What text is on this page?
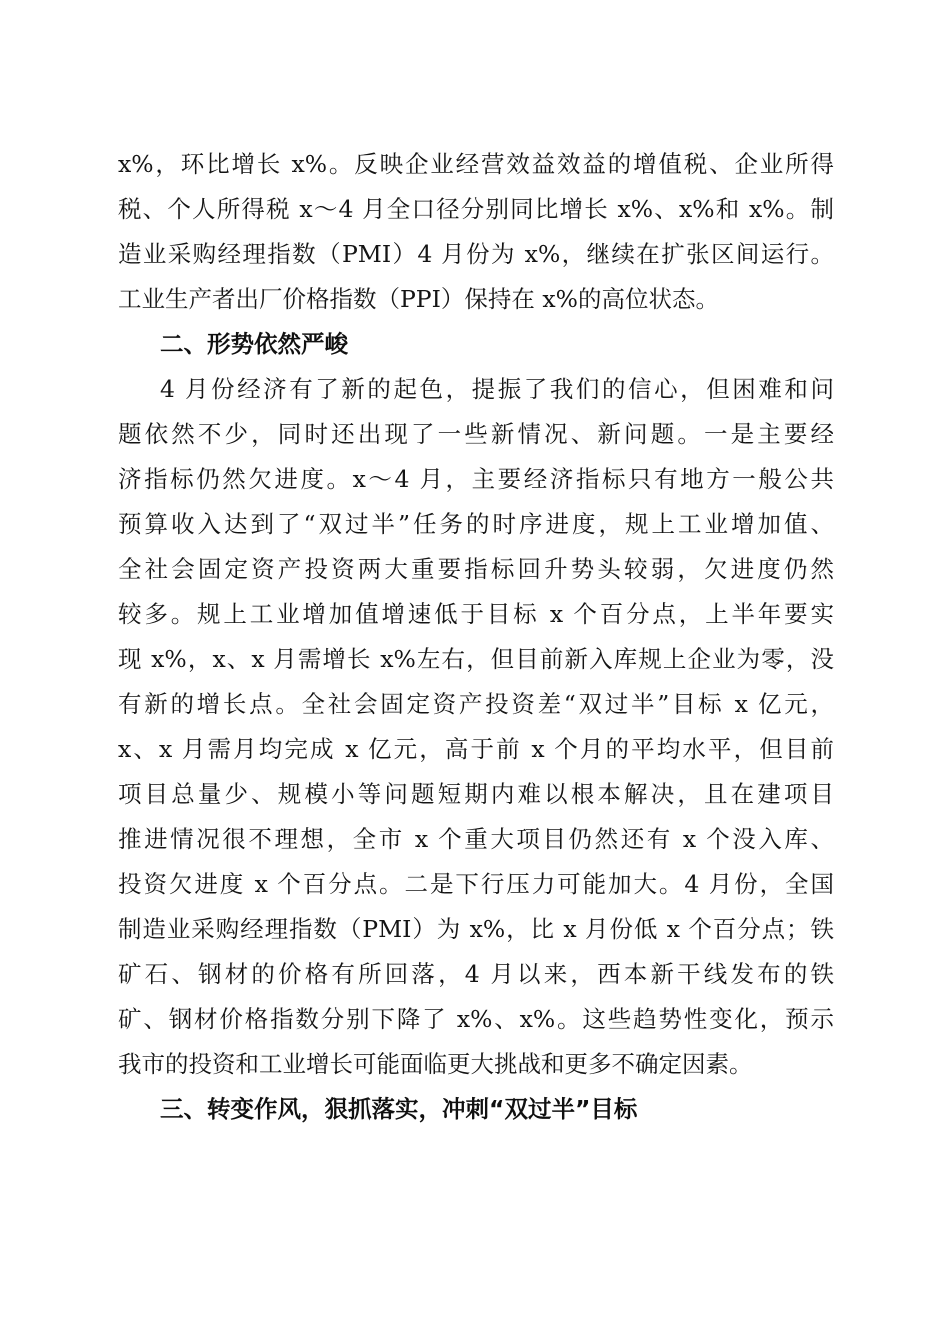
x%，环比增长 x%。反映企业经营效益效益的增值税、企业所得
税、个人所得税 x～4 月全口径分别同比增长 x%、x%和 x%。制
造业采购经理指数（PMI）4 月份为 x%，继续在扩张区间运行。
工业生产者出厂价格指数（PPI）保持在 x%的高位状态。
二、形势依然严峻
4 月份经济有了新的起色，提振了我们的信心，但困难和问
题依然不少，同时还出现了一些新情况、新问题。一是主要经
济指标仍然欠进度。x～4 月，主要经济指标只有地方一般公共
预算收入达到了“双过半”任务的时序进度，规上工业增加值、
全社会固定资产投资两大重要指标回升势头较弱，欠进度仍然
较多。规上工业增加值增速低于目标 x 个百分点，上半年要实
现 x%，x、x 月需增长 x%左右，但目前新入库规上企业为零，没
有新的增长点。全社会固定资产投资差“双过半”目标 x 亿元，
x、x 月需月均完成 x 亿元，高于前 x 个月的平均水平，但目前
项目总量少、规模小等问题短期内难以根本解决，且在建项目
推进情况很不理想，全市 x 个重大项目仍然还有 x 个没入库、
投资欠进度 x 个百分点。二是下行压力可能加大。4 月份，全国
制造业采购经理指数（PMI）为 x%，比 x 月份低 x 个百分点；铁
矿石、钢材的价格有所回落，4 月以来，西本新干线发布的铁
矿、钢材价格指数分别下降了 x%、x%。这些趋势性变化，预示
我市的投资和工业增长可能面临更大挑战和更多不确定因素。
三、转变作风，狠抓落实，冲刺“双过半”目标
